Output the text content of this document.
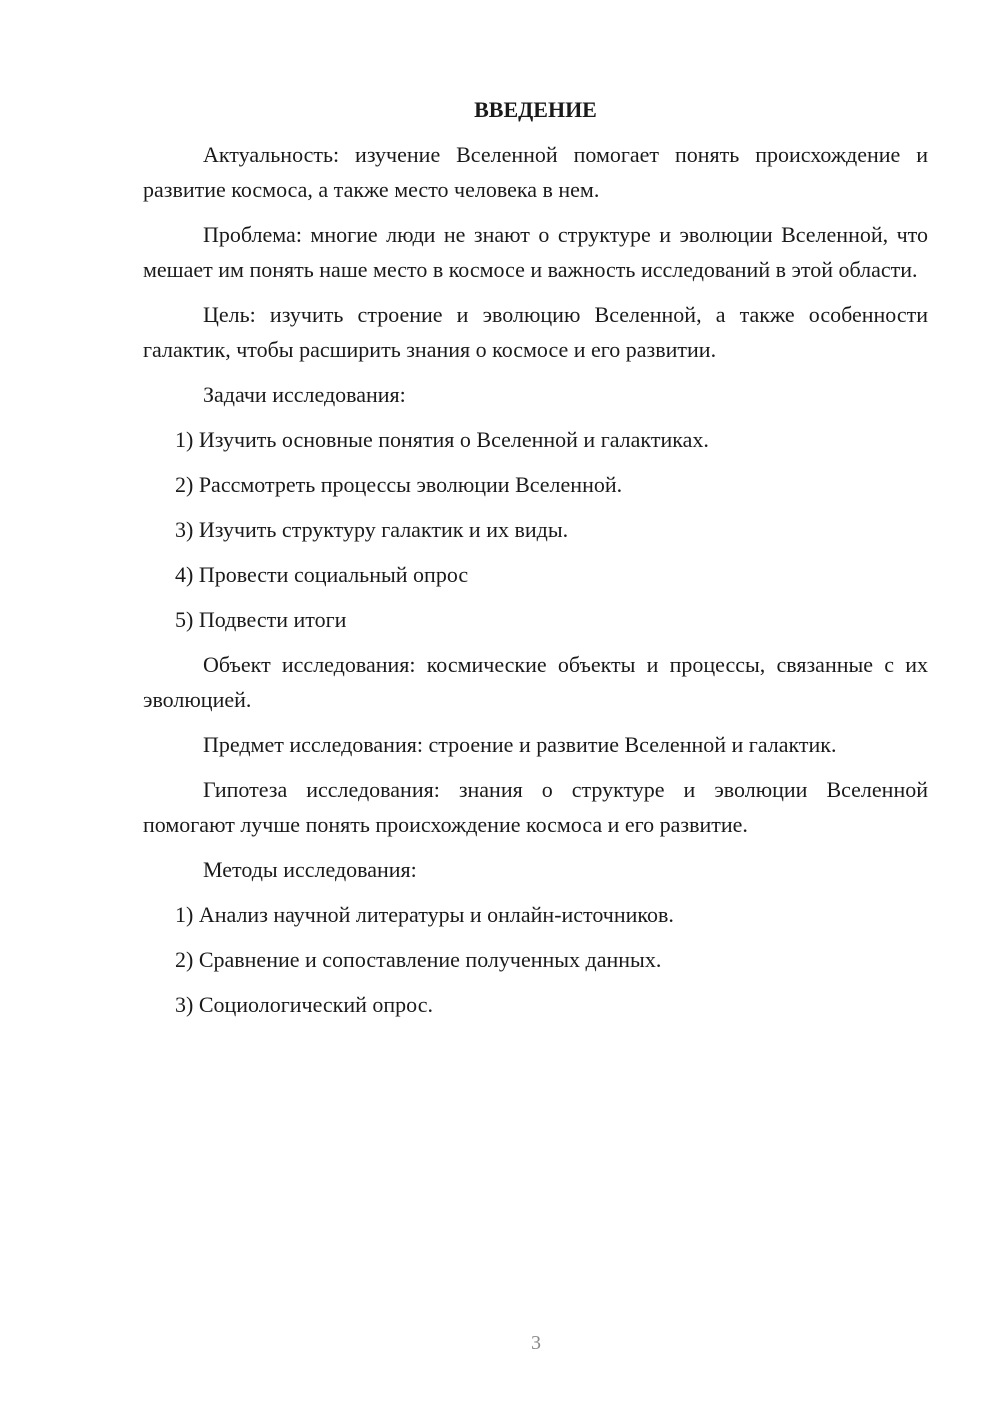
ВВЕДЕНИЕ
Актуальность: изучение Вселенной помогает понять происхождение и развитие космоса, а также место человека в нем.
Проблема: многие люди не знают о структуре и эволюции Вселенной, что мешает им понять наше место в космосе и важность исследований в этой области.
Цель: изучить строение и эволюцию Вселенной, а также особенности галактик, чтобы расширить знания о космосе и его развитии.
Задачи исследования:
1) Изучить основные понятия о Вселенной и галактиках.
2) Рассмотреть процессы эволюции Вселенной.
3) Изучить структуру галактик и их виды.
4) Провести социальный опрос
5) Подвести итоги
Объект исследования: космические объекты и процессы, связанные с их эволюцией.
Предмет исследования: строение и развитие Вселенной и галактик.
Гипотеза исследования: знания о структуре и эволюции Вселенной помогают лучше понять происхождение космоса и его развитие.
Методы исследования:
1) Анализ научной литературы и онлайн-источников.
2) Сравнение и сопоставление полученных данных.
3) Социологический опрос.
3
